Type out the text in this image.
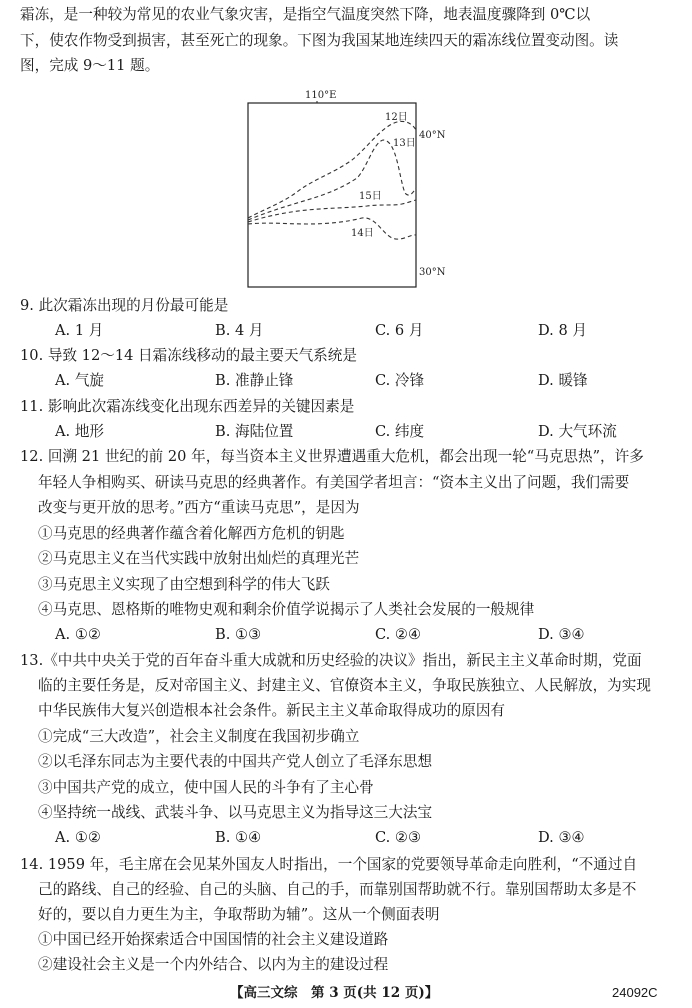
霜冻，是一种较为常见的农业气象灾害，是指空气温度突然下降，地表温度骤降到 0℃以
下，使农作物受到损害，甚至死亡的现象。下图为我国某地连续四天的霜冻线位置变动图。读
图，完成 9～11 题。
110°E
40°N
30°N
12日
13日
15日
14日
9. 此次霜冻出现的月份最可能是
A. 1 月	B. 4 月	C. 6 月	D. 8 月
10. 导致 12～14 日霜冻线移动的最主要天气系统是
A. 气旋	B. 准静止锋	C. 冷锋	D. 暖锋
11. 影响此次霜冻线变化出现东西差异的关键因素是
A. 地形	B. 海陆位置	C. 纬度	D. 大气环流
12. 回溯 21 世纪的前 20 年，每当资本主义世界遭遇重大危机，都会出现一轮“马克思热”，许多
年轻人争相购买、研读马克思的经典著作。有美国学者坦言：“资本主义出了问题，我们需要
改变与更开放的思考。”西方“重读马克思”，是因为
①马克思的经典著作蕴含着化解西方危机的钥匙
②马克思主义在当代实践中放射出灿烂的真理光芒
③马克思主义实现了由空想到科学的伟大飞跃
④马克思、恩格斯的唯物史观和剩余价值学说揭示了人类社会发展的一般规律
A. ①②	B. ①③	C. ②④	D. ③④
13.《中共中央关于党的百年奋斗重大成就和历史经验的决议》指出，新民主主义革命时期，党面
临的主要任务是，反对帝国主义、封建主义、官僚资本主义，争取民族独立、人民解放，为实现
中华民族伟大复兴创造根本社会条件。新民主主义革命取得成功的原因有
①完成“三大改造”，社会主义制度在我国初步确立
②以毛泽东同志为主要代表的中国共产党人创立了毛泽东思想
③中国共产党的成立，使中国人民的斗争有了主心骨
④坚持统一战线、武装斗争、以马克思主义为指导这三大法宝
A. ①②	B. ①④	C. ②③	D. ③④
14. 1959 年，毛主席在会见某外国友人时指出，一个国家的党要领导革命走向胜利，“不通过自
己的路线、自己的经验、自己的头脑、自己的手，而靠别国帮助就不行。靠别国帮助太多是不
好的，要以自力更生为主，争取帮助为辅”。这从一个侧面表明
①中国已经开始探索适合中国国情的社会主义建设道路
②建设社会主义是一个内外结合、以内为主的建设过程
【高三文综　第 3 页(共 12 页)】	24092C
